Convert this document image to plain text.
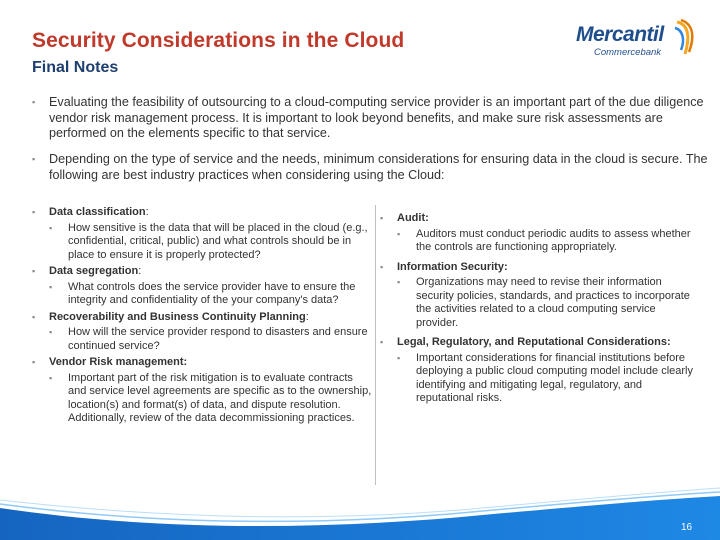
Security Considerations in the Cloud
Final Notes
Mercantil
Commercebank
▪ Evaluating the feasibility of outsourcing to a cloud-computing service provider is an important part of the due diligence vendor risk management process. It is important to look beyond benefits, and make sure risk assessments are performed on the elements specific to that service.
▪ Depending on the type of service and the needs, minimum considerations for ensuring data in the cloud is secure. The following are best industry practices when considering using the Cloud:
▪ Data classification:
▪ How sensitive is the data that will be placed in the cloud (e.g., confidential, critical, public) and what controls should be in place to ensure it is properly protected?
▪ Data segregation:
▪ What controls does the service provider have to ensure the integrity and confidentiality of the your company's data?
▪ Recoverability and Business Continuity Planning:
▪ How will the service provider respond to disasters and ensure continued service?
▪ Vendor Risk management:
▪ Important part of the risk mitigation is to evaluate contracts and service level agreements are specific as to the ownership, location(s) and format(s) of data, and dispute resolution. Additionally, review of the data decommissioning practices.
▪ Audit:
▪ Auditors must conduct periodic audits to assess whether the controls are functioning appropriately.
▪ Information Security:
▪ Organizations may need to revise their information security policies, standards, and practices to incorporate the activities related to a cloud computing service provider.
▪ Legal, Regulatory, and Reputational Considerations:
▪ Important considerations for financial institutions before deploying a public cloud computing model include clearly identifying and mitigating legal, regulatory, and reputational risks.
16
